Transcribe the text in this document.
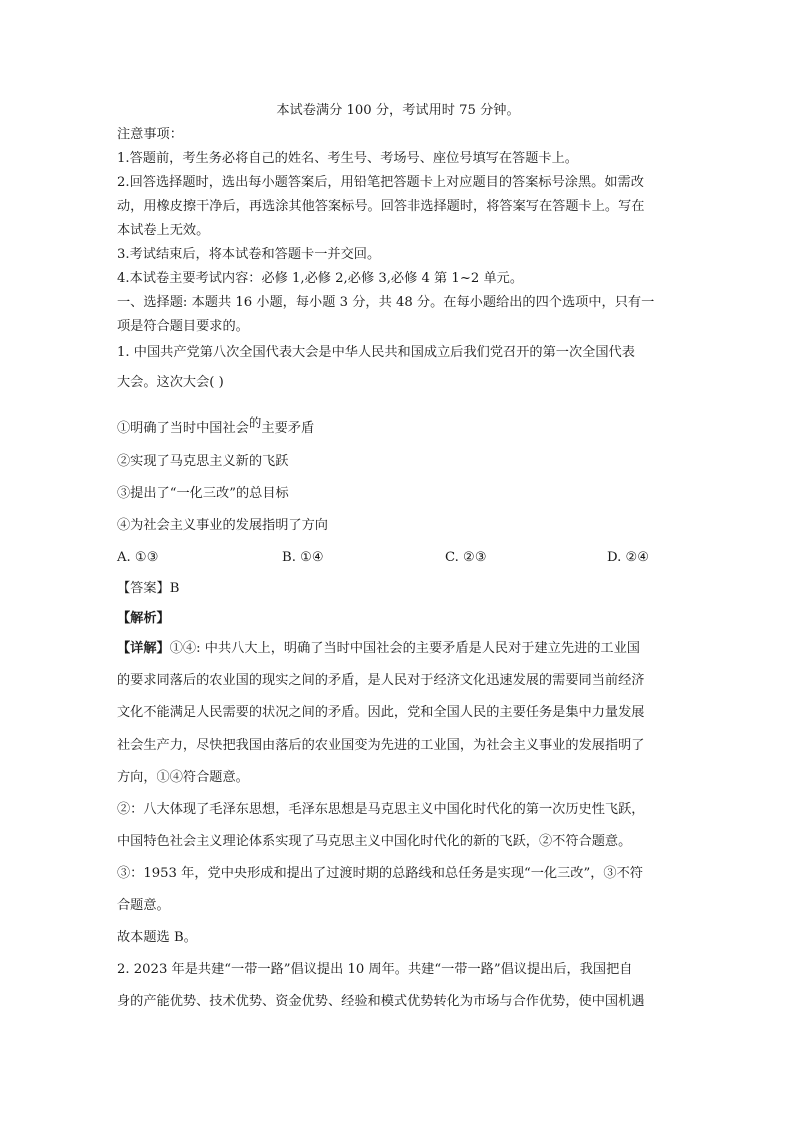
本试卷满分 100 分，考试用时 75 分钟。
注意事项：
1.答题前，考生务必将自己的姓名、考生号、考场号、座位号填写在答题卡上。
2.回答选择题时，选出每小题答案后，用铅笔把答题卡上对应题目的答案标号涂黑。如需改
动，用橡皮擦干净后，再选涂其他答案标号。回答非选择题时，将答案写在答题卡上。写在
本试卷上无效。
3.考试结束后，将本试卷和答题卡一并交回。
4.本试卷主要考试内容：必修 1,必修 2,必修 3,必修 4 第 1~2 单元。
一、选择题: 本题共 16 小题，每小题 3 分，共 48 分。在每小题给出的四个选项中，只有一
项是符合题目要求的。
1. 中国共产党第八次全国代表大会是中华人民共和国成立后我们党召开的第一次全国代表
大会。这次大会( )
①明确了当时中国社会的主要矛盾
②实现了马克思主义新的飞跃
③提出了“一化三改”的总目标
④为社会主义事业的发展指明了方向
A. ①③	B. ①④	C. ②③	D. ②④
【答案】B
【解析】
【详解】①④: 中共八大上，明确了当时中国社会的主要矛盾是人民对于建立先进的工业国
的要求同落后的农业国的现实之间的矛盾，是人民对于经济文化迅速发展的需要同当前经济
文化不能满足人民需要的状况之间的矛盾。因此，党和全国人民的主要任务是集中力量发展
社会生产力，尽快把我国由落后的农业国变为先进的工业国，为社会主义事业的发展指明了
方向，①④符合题意。
②：八大体现了毛泽东思想，毛泽东思想是马克思主义中国化时代化的第一次历史性飞跃，
中国特色社会主义理论体系实现了马克思主义中国化时代化的新的飞跃，②不符合题意。
③：1953 年，党中央形成和提出了过渡时期的总路线和总任务是实现“一化三改”，③不符
合题意。
故本题选 B。
2. 2023 年是共建“一带一路”倡议提出 10 周年。共建“一带一路”倡议提出后，我国把自
身的产能优势、技术优势、资金优势、经验和模式优势转化为市场与合作优势，使中国机遇
